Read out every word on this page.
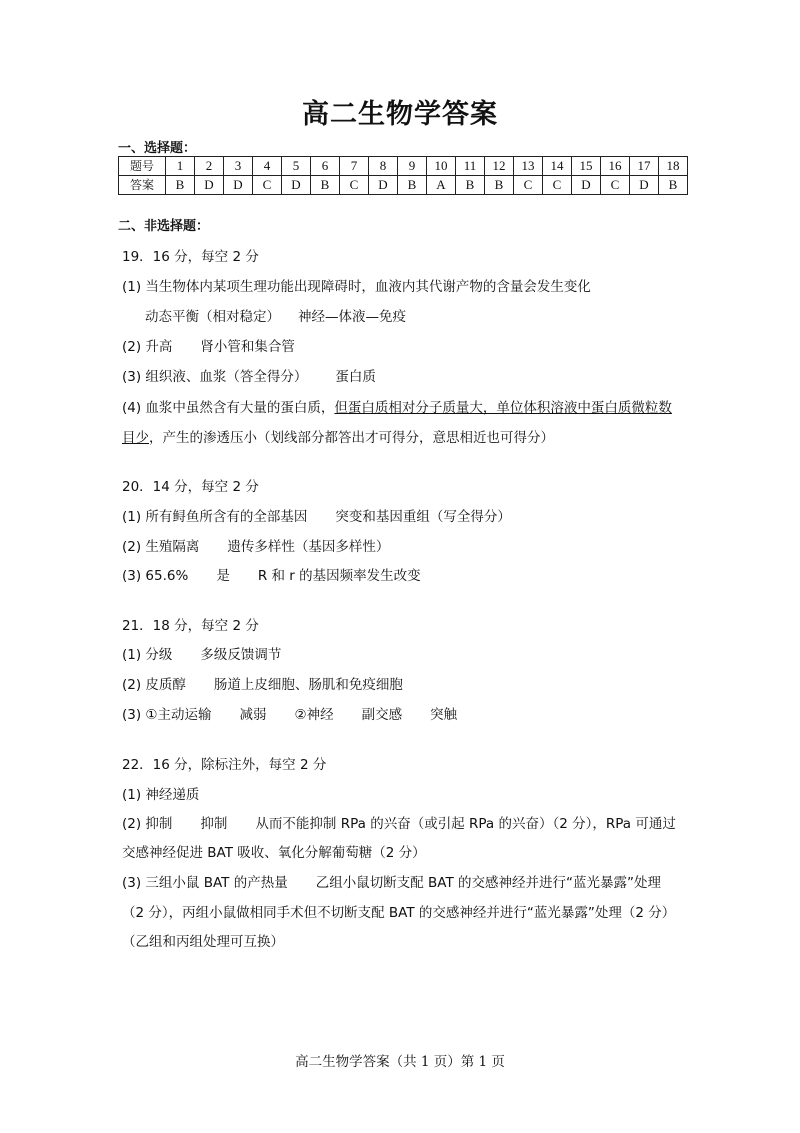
高二生物学答案
一、选择题：
题号	1	2	3	4	5	6	7	8	9	10	11	12	13	14	15	16	17	18
答案	B	D	D	C	D	B	C	D	B	A	B	B	C	C	D	C	D	B
二、非选择题：
19．16 分，每空 2 分
(1) 当生物体内某项生理功能出现障碍时，血液内其代谢产物的含量会发生变化
动态平衡（相对稳定） 神经—体液—免疫
(2) 升高 肾小管和集合管
(3) 组织液、血浆（答全得分） 蛋白质
(4) 血浆中虽然含有大量的蛋白质，但蛋白质相对分子质量大，单位体积溶液中蛋白质微粒数
目少，产生的渗透压小（划线部分都答出才可得分，意思相近也可得分）
20．14 分，每空 2 分
(1) 所有鲟鱼所含有的全部基因 突变和基因重组（写全得分）
(2) 生殖隔离 遗传多样性（基因多样性）
(3) 65.6% 是 R 和 r 的基因频率发生改变
21．18 分，每空 2 分
(1) 分级 多级反馈调节
(2) 皮质醇 肠道上皮细胞、肠肌和免疫细胞
(3) ①主动运输 减弱 ②神经 副交感 突触
22．16 分，除标注外，每空 2 分
(1) 神经递质
(2) 抑制 抑制 从而不能抑制 RPa 的兴奋（或引起 RPa 的兴奋）（2 分），RPa 可通过
交感神经促进 BAT 吸收、氧化分解葡萄糖（2 分）
(3) 三组小鼠 BAT 的产热量 乙组小鼠切断支配 BAT 的交感神经并进行“蓝光暴露”处理
（2 分），丙组小鼠做相同手术但不切断支配 BAT 的交感神经并进行“蓝光暴露”处理（2 分）
（乙组和丙组处理可互换）
高二生物学答案（共 1 页）第 1 页
